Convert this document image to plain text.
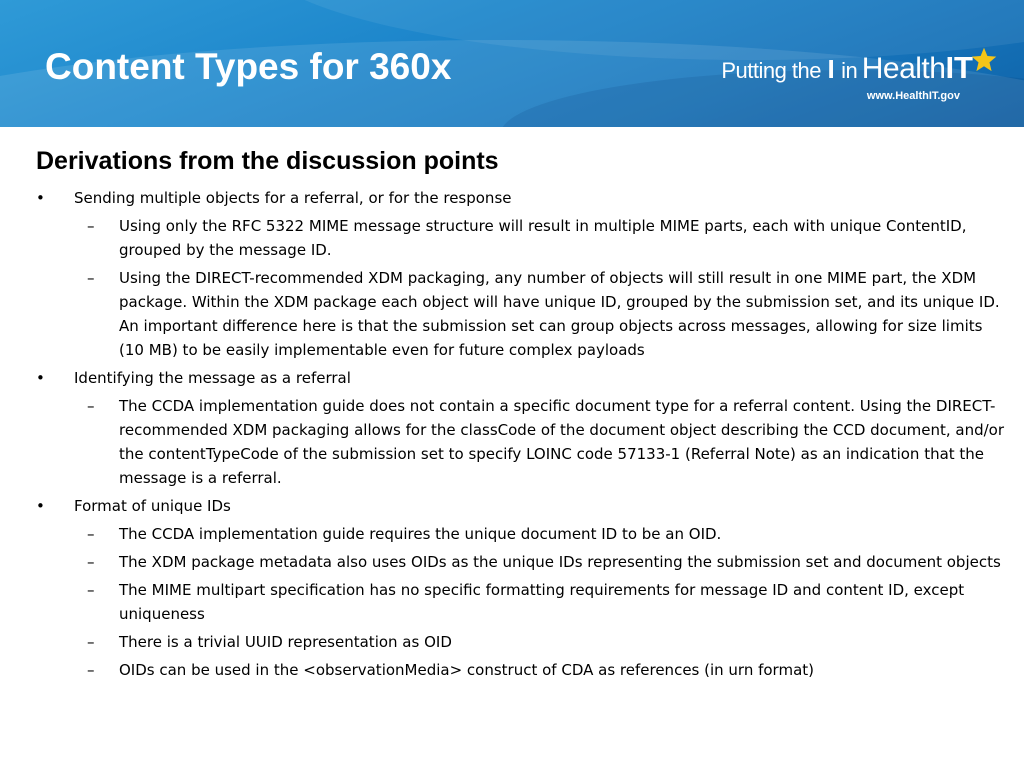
Content Types for 360x	Putting the I in HealthIT
www.HealthIT.gov
Derivations from the discussion points
• Sending multiple objects for a referral, or for the response
– Using only the RFC 5322 MIME message structure will result in multiple MIME parts, each with unique ContentID, grouped by the message ID.
– Using the DIRECT-recommended XDM packaging, any number of objects will still result in one MIME part, the XDM package. Within the XDM package each object will have unique ID, grouped by the submission set, and its unique ID. An important difference here is that the submission set can group objects across messages, allowing for size limits (10 MB) to be easily implementable even for future complex payloads
• Identifying the message as a referral
– The CCDA implementation guide does not contain a specific document type for a referral content. Using the DIRECT-recommended XDM packaging allows for the classCode of the document object describing the CCD document, and/or the contentTypeCode of the submission set to specify LOINC code 57133-1 (Referral Note) as an indication that the message is a referral.
• Format of unique IDs
– The CCDA implementation guide requires the unique document ID to be an OID.
– The XDM package metadata also uses OIDs as the unique IDs representing the submission set and document objects
– The MIME multipart specification has no specific formatting requirements for message ID and content ID, except uniqueness
– There is a trivial UUID representation as OID
– OIDs can be used in the <observationMedia> construct of CDA as references (in urn format)
